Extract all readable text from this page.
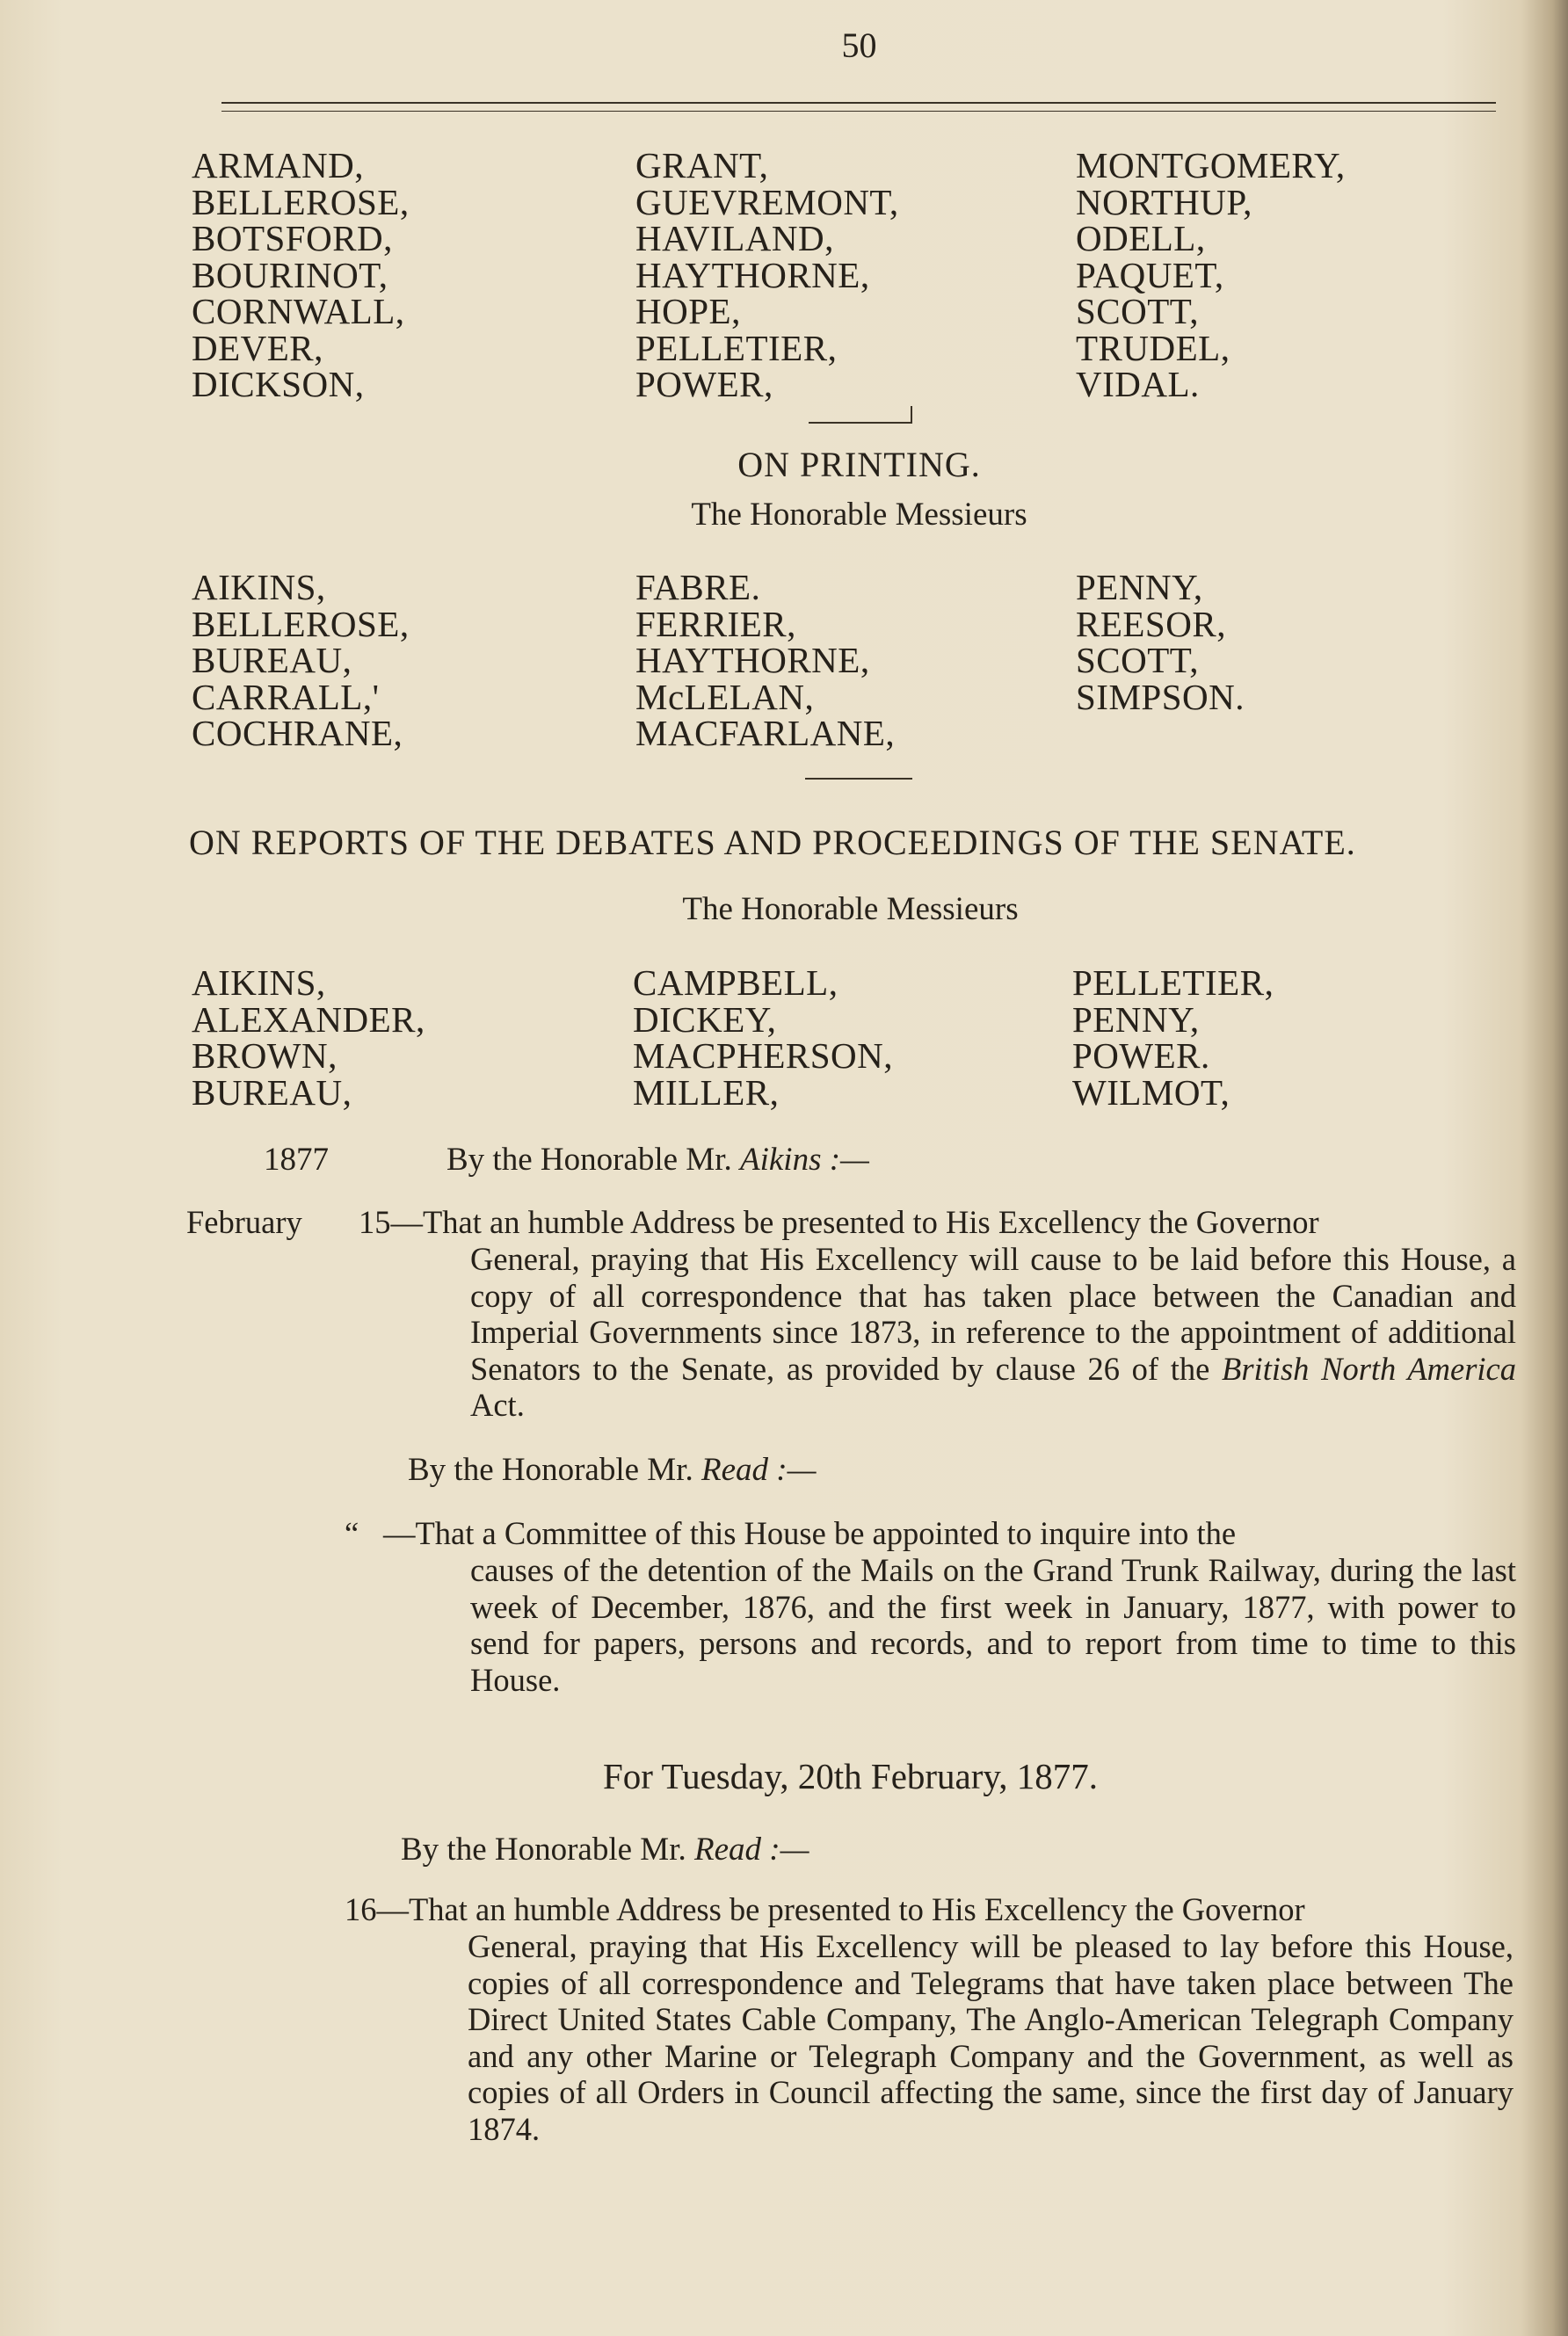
50
ARMAND,
BELLEROSE,
BOTSFORD,
BOURINOT,
CORNWALL,
DEVER,
DICKSON,
GRANT,
GUEVREMONT,
HAVILAND,
HAYTHORNE,
HOPE,
PELLETIER,
POWER,
MONTGOMERY,
NORTHUP,
ODELL,
PAQUET,
SCOTT,
TRUDEL,
VIDAL.
ON PRINTING.
The Honorable Messieurs
AIKINS,
BELLEROSE,
BUREAU,
CARRALL,'
COCHRANE,
FABRE.
FERRIER,
HAYTHORNE,
McLELAN,
MACFARLANE,
PENNY,
REESOR,
SCOTT,
SIMPSON.
ON REPORTS OF THE DEBATES AND PROCEEDINGS OF THE SENATE.
The Honorable Messieurs
AIKINS,
ALEXANDER,
BROWN,
BUREAU,
CAMPBELL,
DICKEY,
MACPHERSON,
MILLER,
PELLETIER,
PENNY,
POWER.
WILMOT,
1877	By the Honorable Mr. Aikins :—
February 15—That an humble Address be presented to His Excellency the Governor

General, praying that His Excellency will cause to be laid before this House, a copy of all correspondence that has taken place between the Canadian and Imperial Governments since 1873, in reference to the appointment of additional Senators to the Senate, as provided by clause 26 of the British North America Act.

By the Honorable Mr. Read :—
“ —That a Committee of this House be appointed to inquire into the

causes of the detention of the Mails on the Grand Trunk Railway, during the last week of December, 1876, and the first week in January, 1877, with power to send for papers, persons and records, and to report from time to time to this House.

For Tuesday, 20th February, 1877.
By the Honorable Mr. Read :—
16—That an humble Address be presented to His Excellency the Governor

General, praying that His Excellency will be pleased to lay before this House, copies of all correspondence and Telegrams that have taken place between The Direct United States Cable Company, The Anglo-American Telegraph Company and any other Marine or Telegraph Company and the Government, as well as copies of all Orders in Council affecting the same, since the first day of January 1874.
